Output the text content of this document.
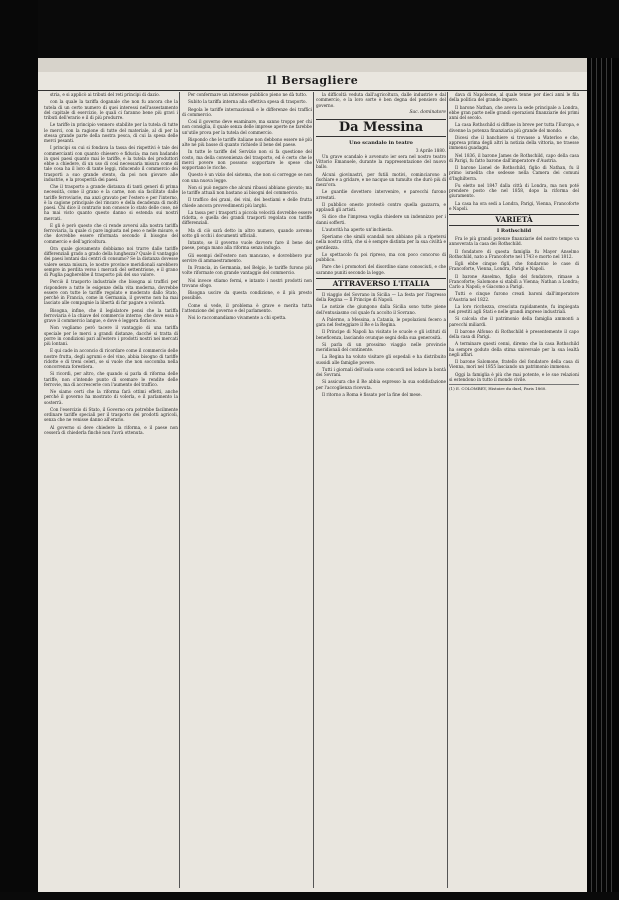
Il Bersagliere

stria, e si applicò ai tributi del reti principi di dazio.

con la quale la tariffa doganale che non fu ancora che la tutela di un certo numero di quei interessi nell'assestamento del capitale di esercizio, le quali ci faranno bene più gravi i tributi dell'erario e il di più produrre.

Le tariffe in principio vennero stabilite per la tutela di tutte le merci, con la ragione di tutte del materiale, al di per la stessa grande parte della nostra pesca, di cui la spesa delle merci pesanti.

I principi su cui si fondava la tassa dei rispettivi è tale dei commercianti con quanto chiesero e fiducia; ma non badando in quei paesi quanto mai le tariffe, e la tutela dei produttori ebbe a chiedere, di un uso di così necessaria misura come di tale cosa ha il loro di tante leggi, riducendo il commercio dei trasporti a suo grande stento, da poi non giovare alle industrie, e la prosperità dei paesi.

Che il trasporto a grande distanza di tanti generi di prima necessità, come il grano e la carne, non sia facilitato dalle tariffe ferroviarie, ma anzi gravato per l'estero e per l'interno, è la cagione principale del rincaro e della decadenza di molti paesi. Chi dice il contrario non conosce lo stato delle cose, né ha mai visto quanto questo danno si estenda sui nostri mercati.

E gli è però questo che ci rende avversi alla nostra tariffa ferroviaria, la quale ci pare ingiusta nel peso e nelle misure, e che dovrebbe essere riformata secondo il bisogno del commercio e dell'agricoltura.

Ora quale giovamento dobbiamo noi trarre dalle tariffe differenziali grado a grado della lunghezza? Quale il vantaggio dei paesi lontani dai centri di consumo? Se la distanza dovesse valere senza misura, le nostre province meridionali sarebbero sempre in perdita verso i mercati del settentrione, e il grano di Puglia pagherebbe il trasporto più del suo valore.

Perciò il trasporto industriale che bisogna ai traffici per rispondere a tutte le esigenze della vita moderna, dovrebbe essere con tutte le tariffe regolato e moderato dallo Stato, perché in Francia, come in Germania, il governo non ha mai lasciato alle compagnie la libertà di far pagare a volontà.

Bisogna, infine, che il legislatore pensi che la tariffa ferroviaria è la chiave del commercio interno; che dove essa è grave il commercio langue, e dove è leggera fiorisce.

Non vogliamo però tacere il vantaggio di una tariffa speciale per le merci a grandi distanze, dacché si tratta di porre in condizioni pari all'estero i prodotti nostri nei mercati più lontani.

E qui cade in acconcio di ricordare come il commercio delle nostre frutta, degli agrumi e del vino, abbia bisogno di tariffe ridotte e di treni celeri, se si vuole che non soccomba nella concorrenza forestiera.

Si ricordi, per altro, che quando si parla di riforma delle tariffe, non s'intende punto di scemare le rendite delle ferrovie, ma di accrescerle con l'aumento del traffico.

Ne siamo certi che la riforma farà ottimi effetti, anche perché il governo ha mostrato di volerla, e il parlamento la sosterrà.

Con l'esercizio di Stato, il Governo ora potrebbe facilmente ordinare tariffe speciali per il trasporto dei prodotti agricoli, senza che ne venisse danno all'erario.

Al governo si deve chiedere la riforma, e il paese non cesserà di chiederla finché non l'avrà ottenuta.

Per confermare un interesse pubblico pieno ne dà tutto.

Subito la tariffa interna alla effettiva spesa di trasporto.

Regola le tariffe internazionali e le differenze dei traffici di commercio.

Così il governo deve esaminare, ma sanno troppo per chi non consiglia, il quale senza delle imprese aperte ne farebbe un'utile prova per la tutela del commercio.

Rispondo che le tariffe italiane non debbono essere né più alte né più basse di quanto richiede il bene del paese.

In tutte le tariffe del Servizio non si fa questione del costo, ma della convenienza del trasporto, ed è certo che le merci povere non possono sopportare le spese che sopportano le ricche.

Questo è un vizio del sistema, che non si corregge se non con una nuova legge.

Non si può negare che alcuni ribassi abbiano giovato; ma le tariffe attuali non bastano ai bisogni del commercio.

Il traffico dei grani, dei vini, dei bestiami e delle frutta chiede ancora provvedimenti più larghi.

La tassa per i trasporti a piccola velocità dovrebbe essere ridotta, e quella dei grandi trasporti regolata con tariffe differenziali.

Ma di ciò sarà detto in altro numero, quando avremo sotto gli occhi i documenti ufficiali.

Intanto, se il governo vuole davvero fare il bene del paese, ponga mano alla riforma senza indugio.

Gli esempi dell'estero non mancano, e dovrebbero pur servire di ammaestramento.

In Francia, in Germania, nel Belgio, le tariffe furono più volte riformate con grande vantaggio del commercio.

Noi invece stiamo fermi, e intanto i nostri prodotti non trovano sfogo.

Bisogna uscire da questa condizione, e il più presto possibile.

Come si vede, il problema è grave e merita tutta l'attenzione del governo e del parlamento.

Noi lo raccomandiamo vivamente a chi spetta.

la difficoltà veduta dall'agricoltura, dalle industrie e dal commercio, e la loro sorte è ben degna del pensiero del governo.

Sac. dominatore
Da Messina
Uno scandalo in teatro
3 Aprile 1880.

Un grave scandalo è avvenuto ier sera nel nostro teatro Vittorio Emanuele, durante la rappresentazione del nuovo ballo.

Alcuni giovinastri, per futili motivi, cominciarono a fischiare e a gridare, e ne nacque un tumulto che durò più di mezz'ora.

Le guardie dovettero intervenire, e parecchi furono arrestati.

Il pubblico onesto protestò contro quella gazzarra, e applaudì gli artisti.

Si dice che l'impresa voglia chiedere un indennizzo per i danni sofferti.

L'autorità ha aperto un'inchiesta.

Speriamo che simili scandali non abbiano più a ripetersi nella nostra città, che si è sempre distinta per la sua civiltà e gentilezza.

Lo spettacolo fu poi ripreso, ma con poco concorso di pubblico.

Pare che i promotori del disordine siano conosciuti, e che saranno puniti secondo la legge.

ATTRAVERSO L'ITALIA

Il viaggio del Sovrano in Sicilia — La festa per l'ingresso della Regina — Il Principe di Napoli.

Le notizie che giungono dalla Sicilia sono tutte piene dell'entusiasmo col quale fu accolto il Sovrano.

A Palermo, a Messina, a Catania, le popolazioni fecero a gara nel festeggiare il Re e la Regina.

Il Principe di Napoli ha visitato le scuole e gli istituti di beneficenza, lasciando ovunque segni della sua generosità.

Si parla di un prossimo viaggio nelle provincie meridionali del continente.

La Regina ha voluto visitare gli ospedali e ha distribuito sussidi alle famiglie povere.

Tutti i giornali dell'isola sono concordi nel lodare la bontà dei Sovrani.

Si assicura che il Re abbia espresso la sua soddisfazione per l'accoglienza ricevuta.

Il ritorno a Roma è fissato per la fine del mese.

dava di Napoleone, al quale tenne per dieci anni le fila della politica del grande impero.

Il barone Nathan, che aveva la sede principale a Londra, ebbe gran parte nelle grandi operazioni finanziarie dei primi anni del secolo.

La casa Rothschild si diffuse in breve per tutta l'Europa, e divenne la potenza finanziaria più grande del mondo.

Dicesi che il banchiere si trovasse a Waterloo e che, appresa prima degli altri la notizia della vittoria, ne traesse immensi guadagni.

Nel 1836, il barone James de Rothschild, capo della casa di Parigi, fu fatto barone dall'imperatore d'Austria.

Il barone Lionel de Rothschild, figlio di Nathan, fu il primo israelita che sedesse nella Camera dei comuni d'Inghilterra.

Fu eletto nel 1847 dalla città di Londra, ma non poté prendere posto che nel 1858, dopo la riforma del giuramento.

La casa ha ora sedi a Londra, Parigi, Vienna, Francoforte e Napoli.

VARIETÀ
I Rothschild

Fra le più grandi potenze finanziarie del nostro tempo va annoverata la casa dei Rothschild.

Il fondatore di questa famiglia fu Mayer Anselmo Rothschild, nato a Francoforte nel 1743 e morto nel 1812.

Egli ebbe cinque figli, che fondarono le case di Francoforte, Vienna, Londra, Parigi e Napoli.

Il barone Anselmo, figlio del fondatore, rimase a Francoforte; Salomone si stabilì a Vienna; Nathan a Londra; Carlo a Napoli; e Giacomo a Parigi.

Tutti e cinque furono creati baroni dall'imperatore d'Austria nel 1822.

La loro ricchezza, cresciuta rapidamente, fu impiegata nei prestiti agli Stati e nelle grandi imprese industriali.

Si calcola che il patrimonio della famiglia ammonti a parecchi miliardi.

Il barone Alfonso di Rothschild è presentemente il capo della casa di Parigi.

A terminare questi cenni, diremo che la casa Rothschild ha sempre goduto della stima universale per la sua lealtà negli affari.

Il barone Salomone, fratello del fondatore della casa di Vienna, morì nel 1855 lasciando un patrimonio immenso.

Oggi la famiglia è più che mai potente, e le sue relazioni si estendono in tutto il mondo civile.

(1) E. COLOMBEY, Histoire du duel, Paris 1860.
